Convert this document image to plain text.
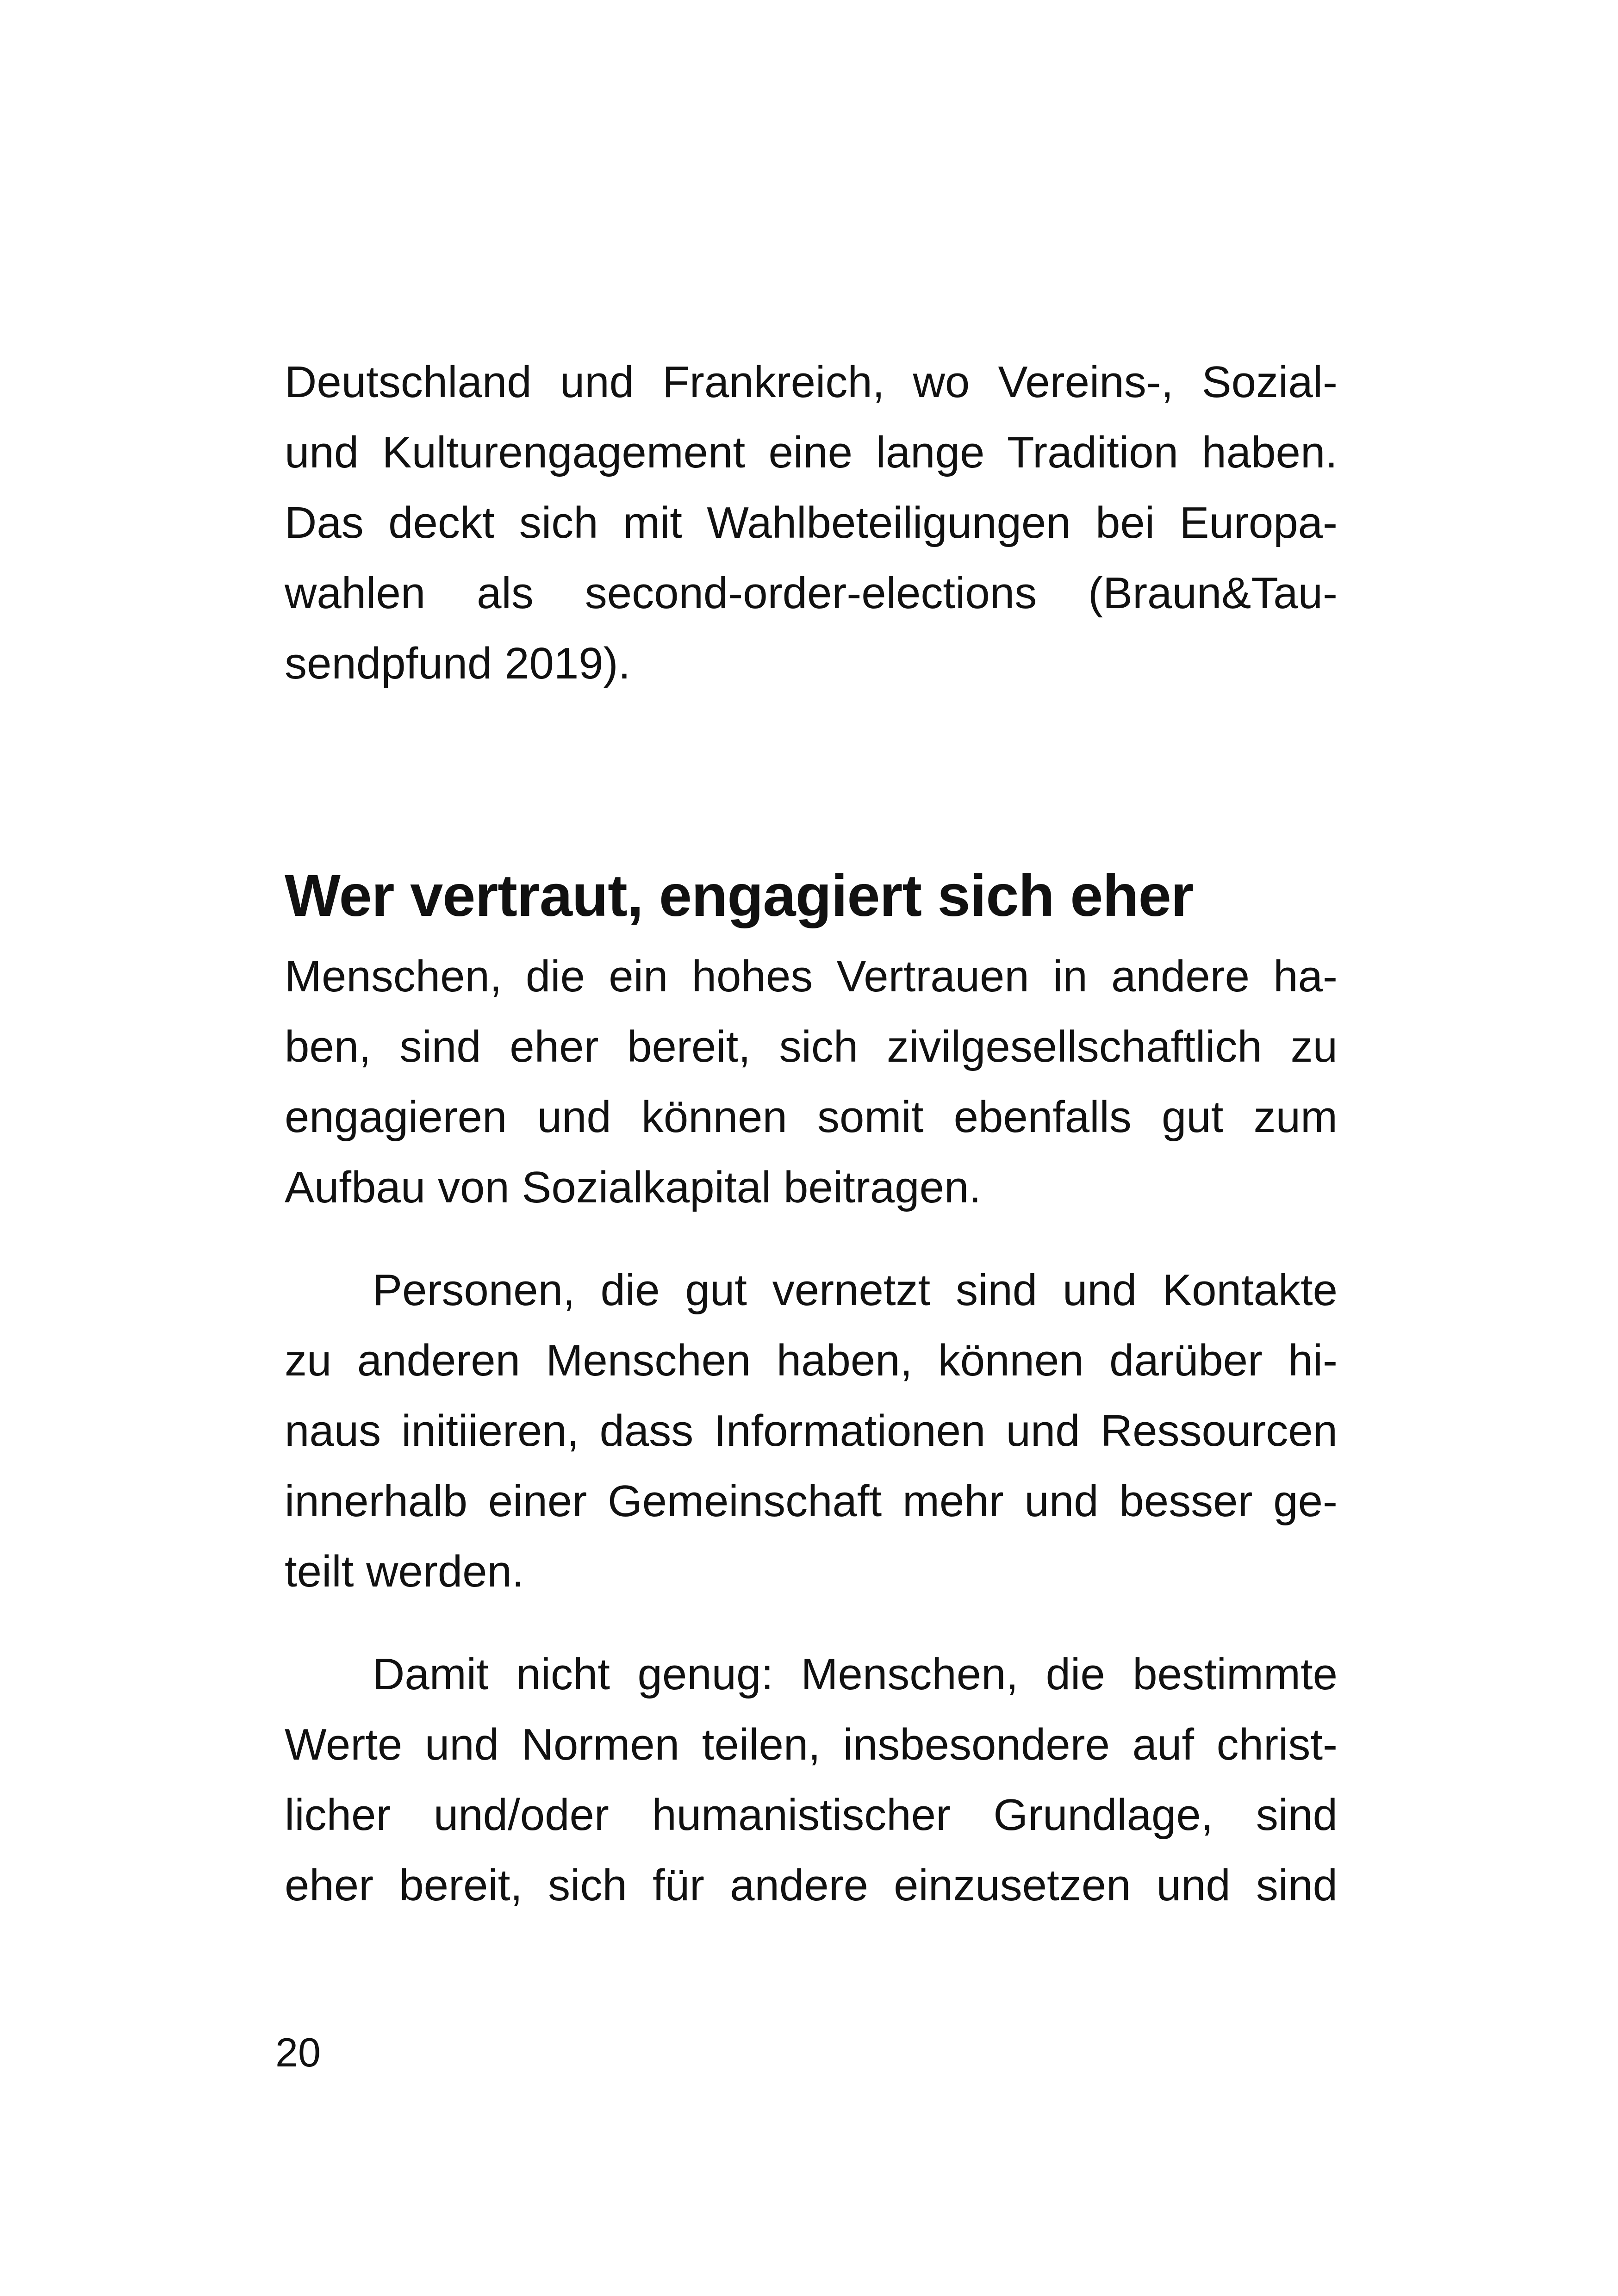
Deutschland und Frankreich, wo Vereins-, Sozial-
und Kulturengagement eine lange Tradition haben.
Das deckt sich mit Wahlbeteiligungen bei Europa-
wahlen als second-order-elections (Braun&Tau-
sendpfund 2019).
Wer vertraut, engagiert sich eher
Menschen, die ein hohes Vertrauen in andere ha-
ben, sind eher bereit, sich zivilgesellschaftlich zu
engagieren und können somit ebenfalls gut zum
Aufbau von Sozialkapital beitragen.
Personen, die gut vernetzt sind und Kontakte
zu anderen Menschen haben, können darüber hi-
naus initiieren, dass Informationen und Ressourcen
innerhalb einer Gemeinschaft mehr und besser ge-
teilt werden.
Damit nicht genug: Menschen, die bestimmte
Werte und Normen teilen, insbesondere auf christ-
licher und/oder humanistischer Grundlage, sind
eher bereit, sich für andere einzusetzen und sind
20
